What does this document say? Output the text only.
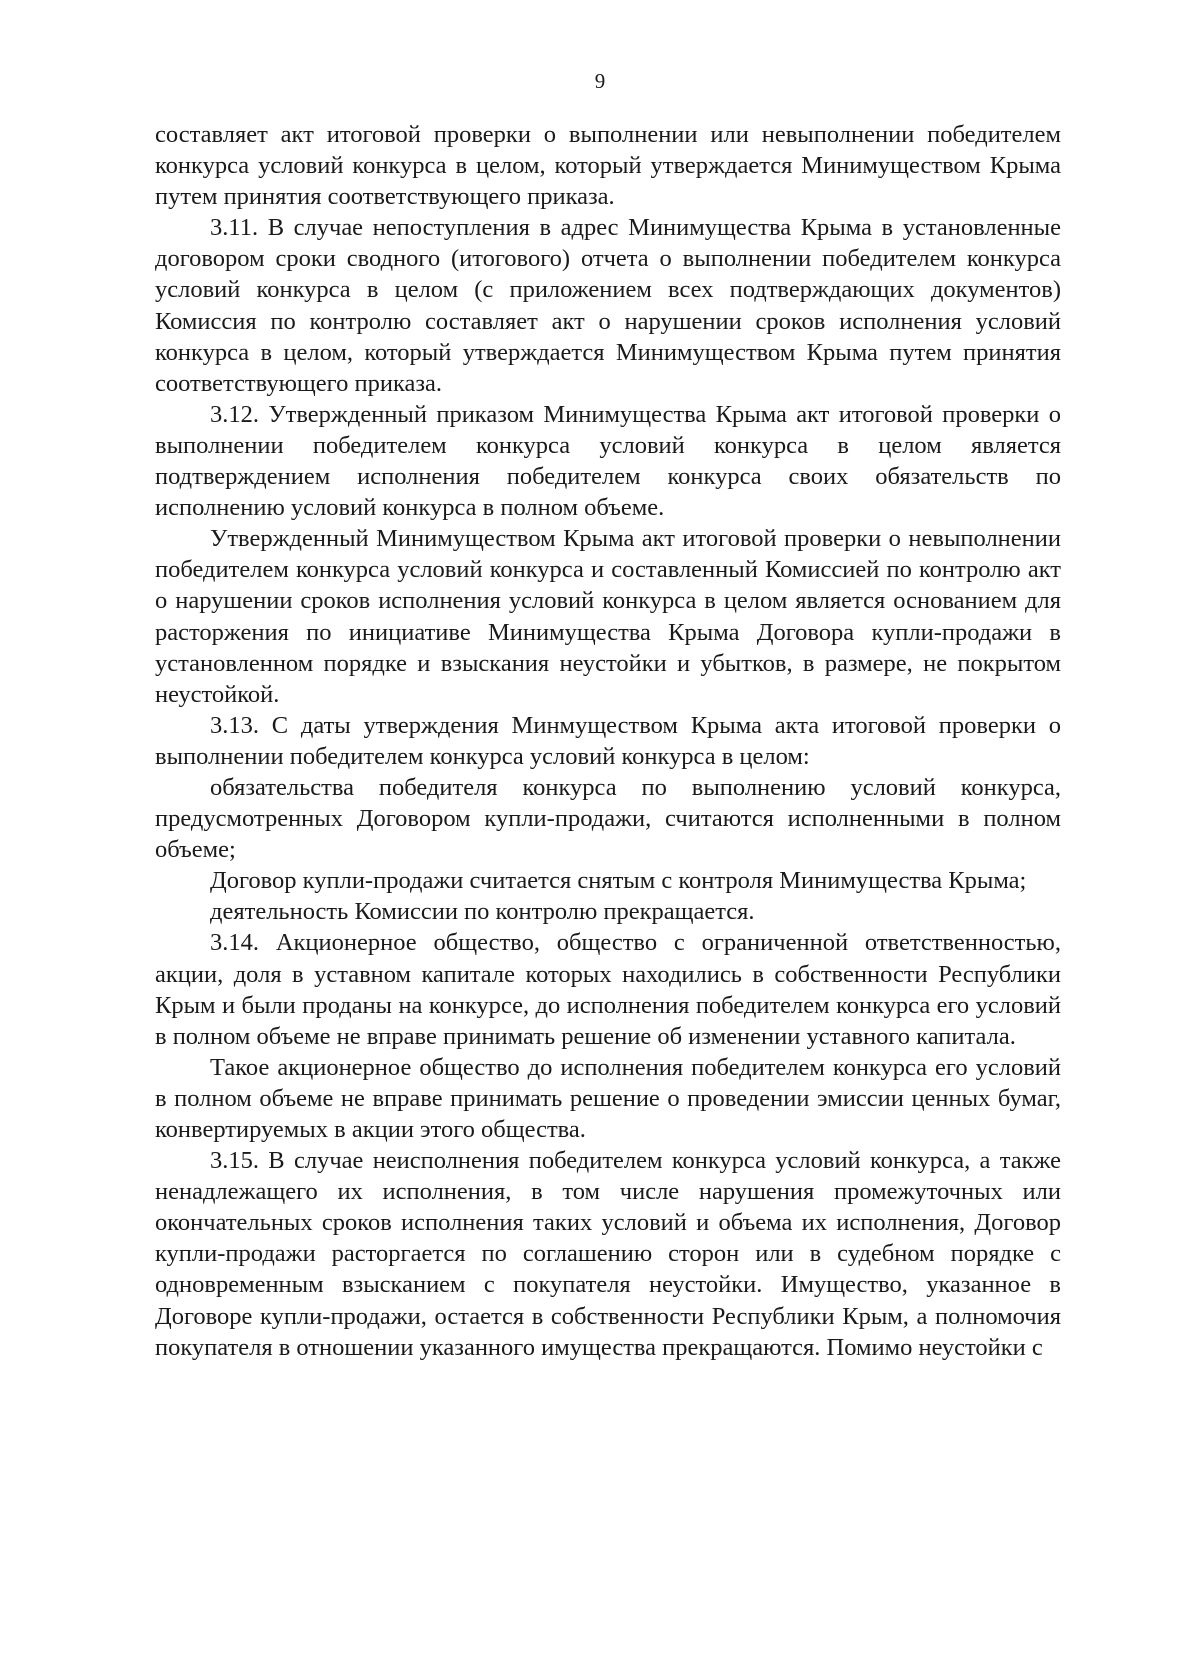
9

составляет акт итоговой проверки о выполнении или невыполнении победителем конкурса условий конкурса в целом, который утверждается Минимуществом Крыма путем принятия соответствующего приказа.

3.11. В случае непоступления в адрес Минимущества Крыма в установленные договором сроки сводного (итогового) отчета о выполнении победителем конкурса условий конкурса в целом (с приложением всех подтверждающих документов) Комиссия по контролю составляет акт о нарушении сроков исполнения условий конкурса в целом, который утверждается Минимуществом Крыма путем принятия соответствующего приказа.

3.12. Утвержденный приказом Минимущества Крыма акт итоговой проверки о выполнении победителем конкурса условий конкурса в целом является подтверждением исполнения победителем конкурса своих обязательств по исполнению условий конкурса в полном объеме.

Утвержденный Минимуществом Крыма акт итоговой проверки о невыполнении победителем конкурса условий конкурса и составленный Комиссией по контролю акт о нарушении сроков исполнения условий конкурса в целом является основанием для расторжения по инициативе Минимущества Крыма Договора купли-продажи в установленном порядке и взыскания неустойки и убытков, в размере, не покрытом неустойкой.

3.13. С даты утверждения Минмуществом Крыма акта итоговой проверки о выполнении победителем конкурса условий конкурса в целом:

обязательства победителя конкурса по выполнению условий конкурса, предусмотренных Договором купли-продажи, считаются исполненными в полном объеме;

Договор купли-продажи считается снятым с контроля Минимущества Крыма;

деятельность Комиссии по контролю прекращается.

3.14. Акционерное общество, общество с ограниченной ответственностью, акции, доля в уставном капитале которых находились в собственности Республики Крым и были проданы на конкурсе, до исполнения победителем конкурса его условий в полном объеме не вправе принимать решение об изменении уставного капитала.

Такое акционерное общество до исполнения победителем конкурса его условий в полном объеме не вправе принимать решение о проведении эмиссии ценных бумаг, конвертируемых в акции этого общества.

3.15. В случае неисполнения победителем конкурса условий конкурса, а также ненадлежащего их исполнения, в том числе нарушения промежуточных или окончательных сроков исполнения таких условий и объема их исполнения, Договор купли-продажи расторгается по соглашению сторон или в судебном порядке с одновременным взысканием с покупателя неустойки. Имущество, указанное в Договоре купли-продажи, остается в собственности Республики Крым, а полномочия покупателя в отношении указанного имущества прекращаются. Помимо неустойки с
